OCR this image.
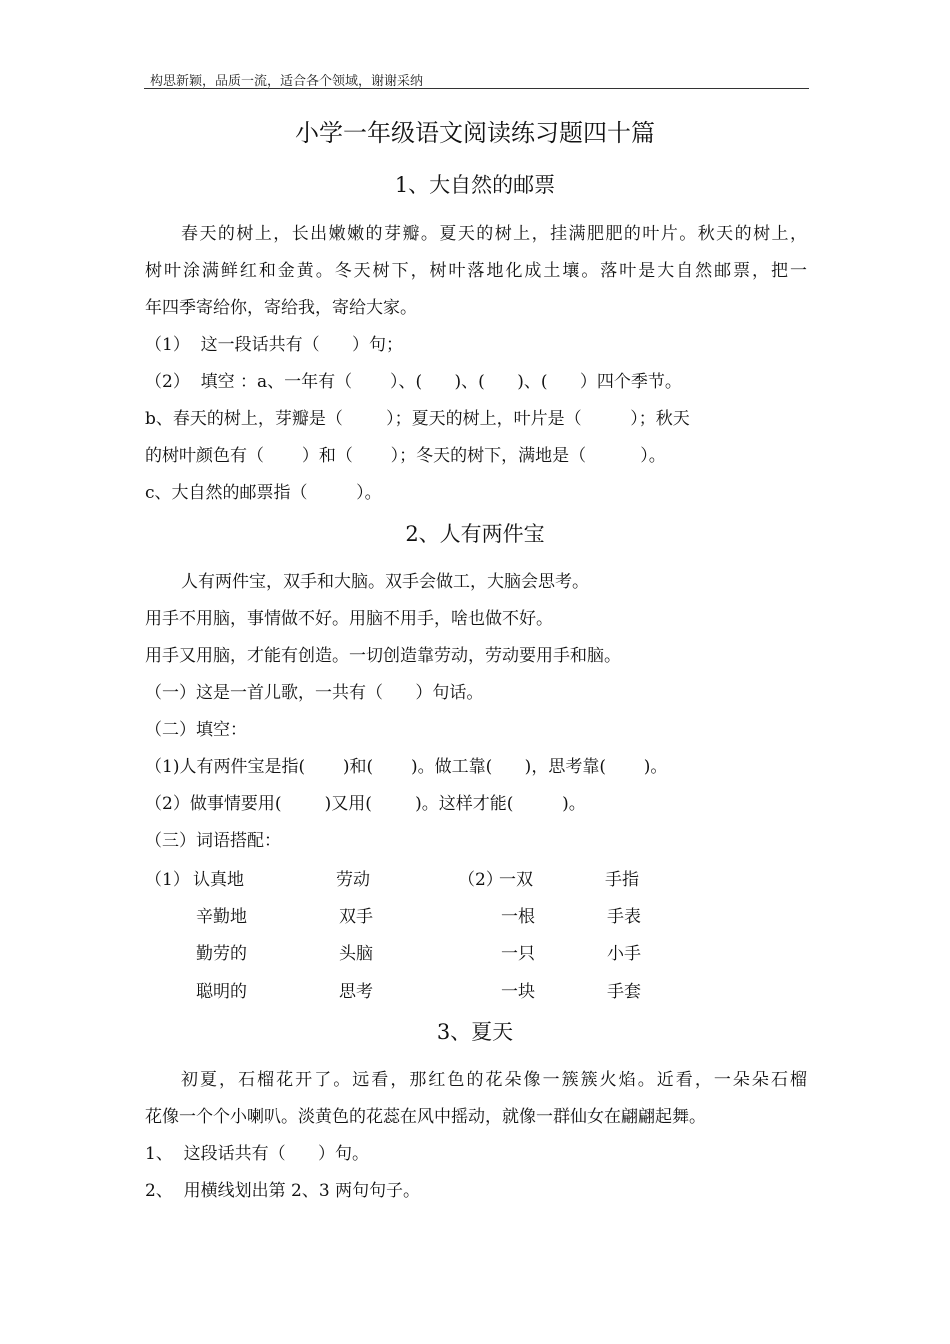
构思新颖，品质一流，适合各个领域，谢谢采纳
小学一年级语文阅读练习题四十篇
1、大自然的邮票
春天的树上，长出嫩嫩的芽瓣。夏天的树上，挂满肥肥的叶片。秋天的树上，
树叶涂满鲜红和金黄。冬天树下，树叶落地化成土壤。落叶是大自然邮票，把一
年四季寄给你，寄给我，寄给大家。
（1）  这一段话共有（      ）句；
（2）  填空 ：a、一年有（       ）、(      )、(      )、(      ）四个季节。
b、春天的树上，芽瓣是（        ）；夏天的树上，叶片是（         ）；秋天
的树叶颜色有（       ）和（       ）；冬天的树下，满地是（          ）。
c、大自然的邮票指（         ）。
2、人有两件宝
人有两件宝，双手和大脑。双手会做工，大脑会思考。
用手不用脑，事情做不好。用脑不用手，啥也做不好。
用手又用脑，才能有创造。一切创造靠劳动，劳动要用手和脑。
（一）这是一首儿歌，一共有（      ）句话。
（二）填空：
（1)人有两件宝是指(       )和(       )。做工靠(      )，思考靠(       )。
（2）做事情要用(        )又用(        )。这样才能(         )。
（三）词语搭配：
（1） 认真地
辛勤地
勤劳的
聪明的
劳动
双手
头脑
思考
（2）
一双
一根
一只
一块
手指
手表
小手
手套
3、夏天
初夏，石榴花开了。远看，那红色的花朵像一簇簇火焰。近看，一朵朵石榴
花像一个个小喇叭。淡黄色的花蕊在风中摇动，就像一群仙女在翩翩起舞。
1、  这段话共有（      ）句。
2、  用横线划出第 2、3 两句句子。
